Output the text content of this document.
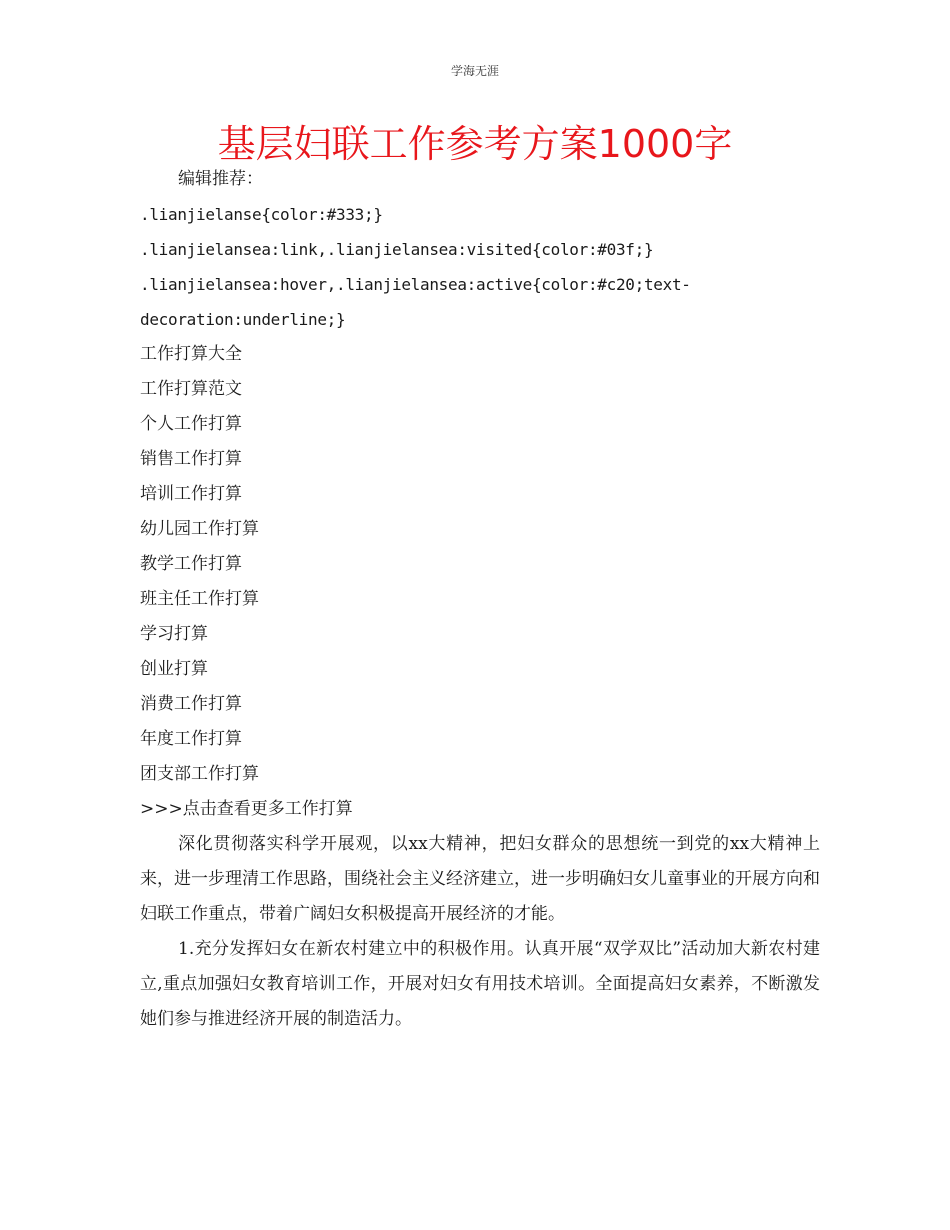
学海无涯
基层妇联工作参考方案1000字
编辑推荐：
.lianjielanse{color:#333;}
.lianjielansea:link,.lianjielansea:visited{color:#03f;}
.lianjielansea:hover,.lianjielansea:active{color:#c20;text-
decoration:underline;}
工作打算大全
工作打算范文
个人工作打算
销售工作打算
培训工作打算
幼儿园工作打算
教学工作打算
班主任工作打算
学习打算
创业打算
消费工作打算
年度工作打算
团支部工作打算
>>>点击查看更多工作打算

深化贯彻落实科学开展观，以xx大精神，把妇女群众的思想统一到党的xx大精神上来，进一步理清工作思路，围绕社会主义经济建立，进一步明确妇女儿童事业的开展方向和妇联工作重点，带着广阔妇女积极提高开展经济的才能。

1.充分发挥妇女在新农村建立中的积极作用。认真开展“双学双比”活动加大新农村建立,重点加强妇女教育培训工作，开展对妇女有用技术培训。全面提高妇女素养，不断激发她们参与推进经济开展的制造活力。
